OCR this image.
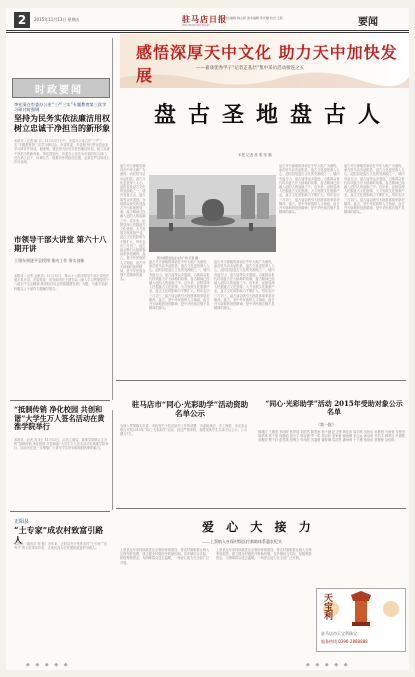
2	2015年11月13日 星期五	驻马店日报
ZHUMADIAN DAILY
责任编辑 韩立新 美术编辑 李光耀 校对 王新	要闻
时政要闻
李宏清在市委办公室“三严三实”专题教育第三次学习研讨时强调
坚持为民务实依法廉洁用权 树立忠诚干净担当的新形象
本报讯（记者 姚 平）11月11日下午，市委办公室召开“三严三实”专题教育第三次学习研讨会。市委常委、市委秘书长李宏清参加学习研讨并讲话。他强调，要坚持为民务实依法廉洁用权，树立忠诚干净担当的新形象。李宏清指出，市委办公室作为市委的综合部门，处在承上启下、协调左右、联系内外的枢纽位置，必须在严以用权上作出表率。
市领导干部大讲堂 第六十八期开讲
王建东到遂平县授课 推动工作 务实创新
本报讯（记者 孟献忠）11月12日，第六十八期市领导干部大讲堂在遂平县开讲，市委常委、常务副市长王建东以《深入学习贯彻党的十八届五中全会精神 推动经济社会持续健康发展》为题，为遂平县副科级以上干部作专题辅导报告。
“抵制传销 净化校园 共创和谐”大学生万人签名活动在黄淮学院举行
本报讯（记者 高 阳）11月12日，由市工商局、黄淮学院联合主办的“抵制传销 净化校园 共创和谐”大学生万人签名活动在黄淮学院举行。活动旨在进一步增强广大青年学生识别和抵制传销的能力。
正阳县
“土专家”成农村致富引路人
本报讯（通讯员 张 磊）近年来，正阳县充分发挥农村“土专家”“田秀才”的示范带动作用，让他们成为农民增收致富的引路人。
感悟深厚天中文化 助力天中加快发展	——嘉谈优秀学子“记者走基层”集中采访活动接连之五
盘古圣地盘古人
本报 记者 张 明 张 璐
盘古开天辟地的神话在中华大地广为流传，而在驻马店市泌阳县，盘古文化更是深入人心。泌阳县是盘古文化的发源地之一，境内有盘古山、盘古庙等众多遗迹。当地群众世代传颂盘古开天辟地的故事，盘古精神已经融入泌阳人的血脉之中。近年来，泌阳县深入挖掘盘古文化资源，大力发展文化旅游产业，盘古文化的影响力不断扩大。每年农历三月初三，盘古庙会吸引大批游客前来祭祀朝拜。盘古，是中华民族的人文始祖，盘古开天辟地的创世精神，是中华民族自强不息精神的源头。
盘古开天辟地的神话在中华大地广为流传，而在驻马店市泌阳县，盘古文化更是深入人心。泌阳县是盘古文化的发源地之一，境内有盘古山、盘古庙等众多遗迹。当地群众世代传颂盘古开天辟地的故事，盘古精神已经融入泌阳人的血脉之中。近年来，泌阳县深入挖掘盘古文化资源，大力发展文化旅游产业，盘古文化的影响力不断扩大。每年农历三月初三，盘古庙会吸引大批游客前来祭祀朝拜。盘古，是中华民族的人文始祖，盘古开天辟地的创世精神，是中华民族自强不息精神的源头。
盘古开天辟地的神话在中华大地广为流传，而在驻马店市泌阳县，盘古文化更是深入人心。泌阳县是盘古文化的发源地之一，境内有盘古山、盘古庙等众多遗迹。当地群众世代传颂盘古开天辟地的故事，盘古精神已经融入泌阳人的血脉之中。近年来，泌阳县深入挖掘盘古文化资源，大力发展文化旅游产业，盘古文化的影响力不断扩大。每年农历三月初三，盘古庙会吸引大批游客前来祭祀朝拜。盘古，是中华民族的人文始祖，盘古开天辟地的创世精神，是中华民族自强不息精神的源头。
盘古开天辟地的神话在中华大地广为流传，而在驻马店市泌阳县，盘古文化更是深入人心。泌阳县是盘古文化的发源地之一，境内有盘古山、盘古庙等众多遗迹。当地群众世代传颂盘古开天辟地的故事，盘古精神已经融入泌阳人的血脉之中。近年来，泌阳县深入挖掘盘古文化资源，大力发展文化旅游产业，盘古文化的影响力不断扩大。每年农历三月初三，盘古庙会吸引大批游客前来祭祀朝拜。盘古，是中华民族的人文始祖，盘古开天辟地的创世精神，是中华民族自强不息精神的源头。
盘古开天辟地的神话在中华大地广为流传，而在驻马店市泌阳县，盘古文化更是深入人心。泌阳县是盘古文化的发源地之一，境内有盘古山、盘古庙等众多遗迹。当地群众世代传颂盘古开天辟地的故事，盘古精神已经融入泌阳人的血脉之中。近年来，泌阳县深入挖掘盘古文化资源，大力发展文化旅游产业，盘古文化的影响力不断扩大。每年农历三月初三，盘古庙会吸引大批游客前来祭祀朝拜。盘古，是中华民族的人文始祖，盘古开天辟地的创世精神，是中华民族自强不息精神的源头。
图为泌阳县盘古文化广场 记者 摄
驻马店市“同心·光彩助学”活动资助名单公示
为深入贯彻落实市委、市政府关于扶贫助学工作的部署，市委统战部、市工商联、市光彩会联合开展2015年“同心·光彩助学”活动，经过严格审核，现将受助学生名单予以公示，公示期为7天。
“同心·光彩助学”活动 2015年受助对象公示名单
（第一批）
驿城区 王雅琪 李明轩 张梦瑶 刘浩然 陈思雨 杨子涵 赵文博 黄佳怡 周宇航 吴欣怡 孙晨阳 马雨萱 朱俊杰 胡梦琪 郭子豪 何静怡 高天宇 林诗涵 罗一鸣 郑可欣 梁家豪 谢雨桐 宋志远 唐诗雨 许浩宇 韩梦洁 冯俊熙 邓雅婷 曹子轩 彭思琪 曾博文 肖雨欣 田嘉豪 董梦琳 袁浩然 潘雨萌 于子墨 蒋欣怡 蔡俊豪 余佳琪
爱 心 大 接 力
——上蔡纳入社保村级医疗救助体系惠农纪实
上蔡县近年来持续推进社会救助体系建设，将农村困难群众纳入社保兜底范围，建立健全村级医疗救助机制。各乡镇结合实际，积极筹措资金，为困难群众送去温暖，一场爱心接力在全县广泛开展。
上蔡县近年来持续推进社会救助体系建设，将农村困难群众纳入社保兜底范围，建立健全村级医疗救助机制。各乡镇结合实际，积极筹措资金，为困难群众送去温暖，一场爱心接力在全县广泛开展。
天宝利
驻马店市天宝利珠宝
服务热线 0396-2888888
◆ ◆ ◆ ◆ ◆	◆ ◆ ◆ ◆ ◆
